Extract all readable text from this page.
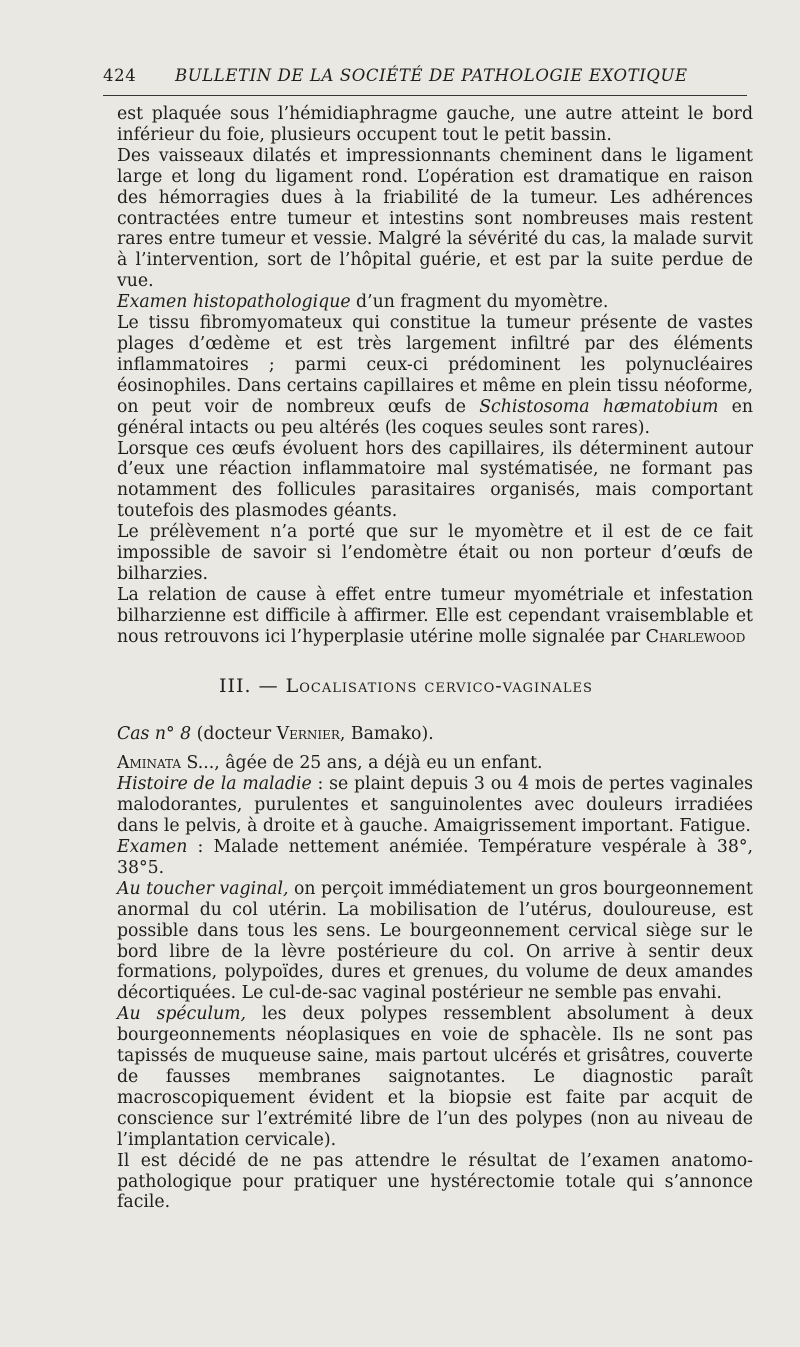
424 BULLETIN DE LA SOCIÉTÉ DE PATHOLOGIE EXOTIQUE

est plaquée sous l’hémidiaphragme gauche, une autre atteint le bord inférieur du foie, plusieurs occupent tout le petit bassin.

Des vaisseaux dilatés et impressionnants cheminent dans le ligament large et long du ligament rond. L’opération est dramatique en raison des hémorragies dues à la friabilité de la tumeur. Les adhérences contractées entre tumeur et intestins sont nombreuses mais restent rares entre tumeur et vessie. Malgré la sévérité du cas, la malade survit à l’intervention, sort de l’hôpital guérie, et est par la suite perdue de vue.

Examen histopathologique d’un fragment du myomètre.

Le tissu fibromyomateux qui constitue la tumeur présente de vastes plages d’œdème et est très largement infiltré par des éléments inflammatoires ; parmi ceux-ci prédominent les polynucléaires éosinophiles. Dans certains capillaires et même en plein tissu néoforme, on peut voir de nombreux œufs de Schistosoma hæmatobium en général intacts ou peu altérés (les coques seules sont rares).

Lorsque ces œufs évoluent hors des capillaires, ils déterminent autour d’eux une réaction inflammatoire mal systématisée, ne formant pas notamment des follicules parasitaires organisés, mais comportant toutefois des plasmodes géants.

Le prélèvement n’a porté que sur le myomètre et il est de ce fait impossible de savoir si l’endomètre était ou non porteur d’œufs de bilharzies.

La relation de cause à effet entre tumeur myométriale et infestation bilharzienne est difficile à affirmer. Elle est cependant vraisemblable et nous retrouvons ici l’hyperplasie utérine molle signalée par Charlewood

III. — Localisations cervico-vaginales

Cas n° 8 (docteur Vernier, Bamako).

Aminata S..., âgée de 25 ans, a déjà eu un enfant.

Histoire de la maladie : se plaint depuis 3 ou 4 mois de pertes vaginales malodorantes, purulentes et sanguinolentes avec douleurs irradiées dans le pelvis, à droite et à gauche. Amaigrissement important. Fatigue.

Examen : Malade nettement anémiée. Température vespérale à 38°, 38°5.

Au toucher vaginal, on perçoit immédiatement un gros bourgeonnement anormal du col utérin. La mobilisation de l’utérus, douloureuse, est possible dans tous les sens. Le bourgeonnement cervical siège sur le bord libre de la lèvre postérieure du col. On arrive à sentir deux formations, polypoïdes, dures et grenues, du volume de deux amandes décortiquées. Le cul-de-sac vaginal postérieur ne semble pas envahi.

Au spéculum, les deux polypes ressemblent absolument à deux bourgeonnements néoplasiques en voie de sphacèle. Ils ne sont pas tapissés de muqueuse saine, mais partout ulcérés et grisâtres, couverte de fausses membranes saignotantes. Le diagnostic paraît macroscopiquement évident et la biopsie est faite par acquit de conscience sur l’extrémité libre de l’un des polypes (non au niveau de l’implantation cervicale).

Il est décidé de ne pas attendre le résultat de l’examen anatomo-pathologique pour pratiquer une hystérectomie totale qui s’annonce facile.
